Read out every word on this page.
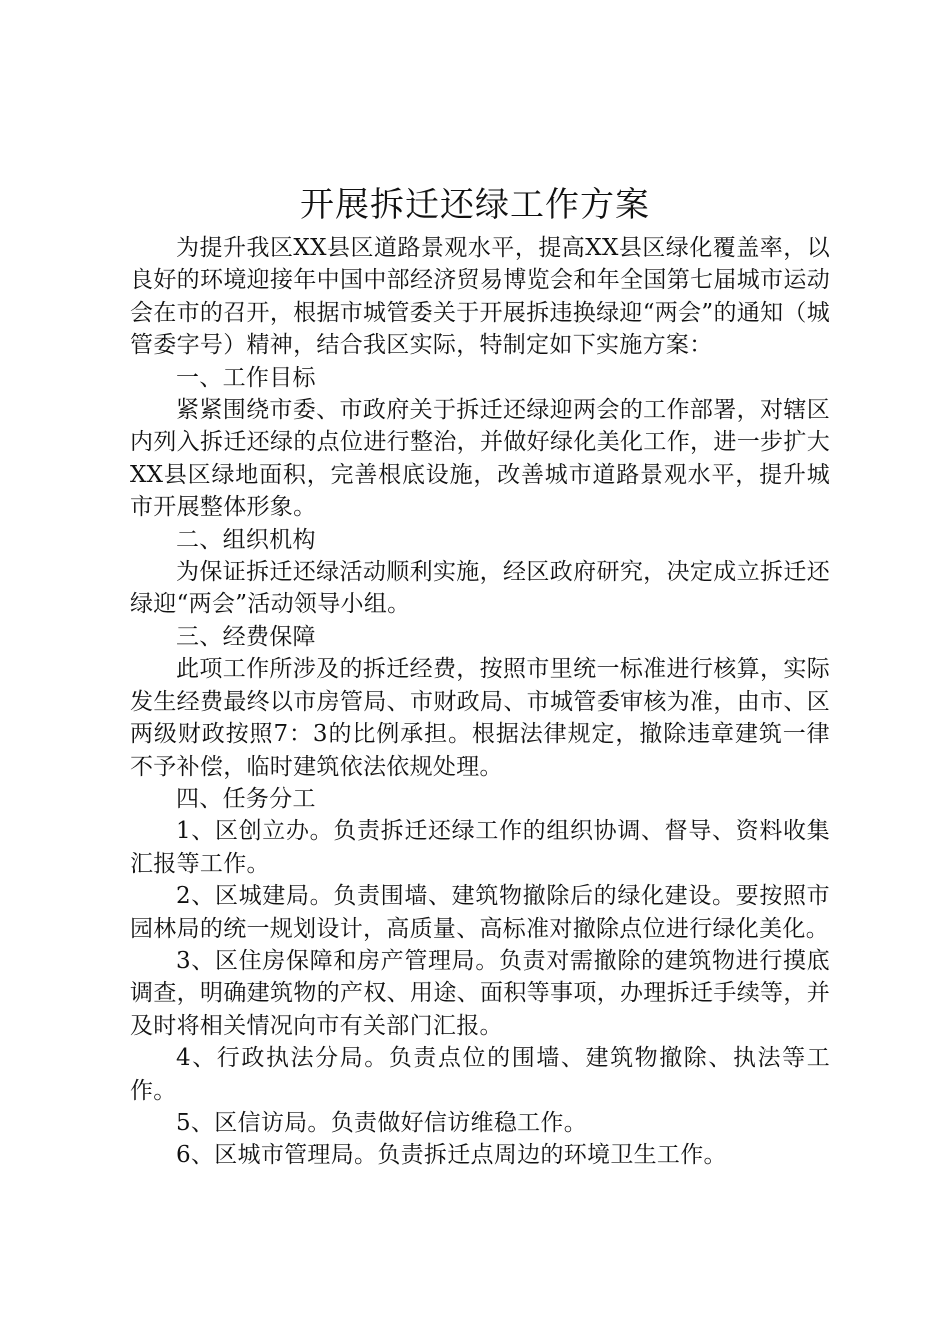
开展拆迁还绿工作方案

为提升我区XX县区道路景观水平，提高XX县区绿化覆盖率，以良好的环境迎接年中国中部经济贸易博览会和年全国第七届城市运动会在市的召开，根据市城管委关于开展拆违换绿迎“两会”的通知（城管委字号）精神，结合我区实际，特制定如下实施方案：

一、工作目标

紧紧围绕市委、市政府关于拆迁还绿迎两会的工作部署，对辖区内列入拆迁还绿的点位进行整治，并做好绿化美化工作，进一步扩大XX县区绿地面积，完善根底设施，改善城市道路景观水平，提升城市开展整体形象。

二、组织机构

为保证拆迁还绿活动顺利实施，经区政府研究，决定成立拆迁还绿迎“两会”活动领导小组。

三、经费保障

此项工作所涉及的拆迁经费，按照市里统一标准进行核算，实际发生经费最终以市房管局、市财政局、市城管委审核为准，由市、区两级财政按照7：3的比例承担。根据法律规定，撤除违章建筑一律不予补偿，临时建筑依法依规处理。

四、任务分工

1、区创立办。负责拆迁还绿工作的组织协调、督导、资料收集汇报等工作。

2、区城建局。负责围墙、建筑物撤除后的绿化建设。要按照市园林局的统一规划设计，高质量、高标准对撤除点位进行绿化美化。

3、区住房保障和房产管理局。负责对需撤除的建筑物进行摸底调查，明确建筑物的产权、用途、面积等事项，办理拆迁手续等，并及时将相关情况向市有关部门汇报。

4、行政执法分局。负责点位的围墙、建筑物撤除、执法等工作。

5、区信访局。负责做好信访维稳工作。

6、区城市管理局。负责拆迁点周边的环境卫生工作。
